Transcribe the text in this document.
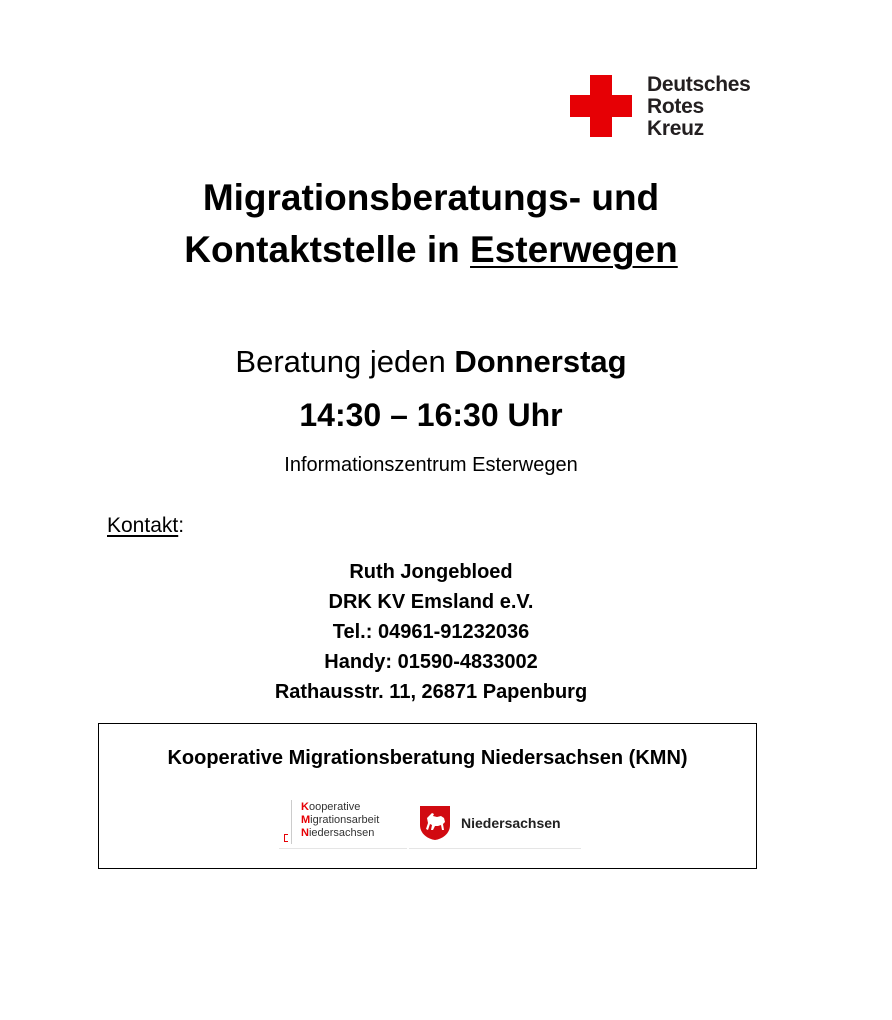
Deutsches
Rotes
Kreuz
Migrationsberatungs- und
Kontaktstelle in Esterwegen
Beratung jeden Donnerstag
14:30 – 16:30 Uhr
Informationszentrum Esterwegen
Kontakt:
Ruth Jongebloed
DRK KV Emsland e.V.
Tel.: 04961-91232036
Handy: 01590-4833002
Rathausstr. 11, 26871 Papenburg
Kooperative Migrationsberatung Niedersachsen (KMN)
Kooperative
Migrationsarbeit
Niedersachsen
Niedersachsen
